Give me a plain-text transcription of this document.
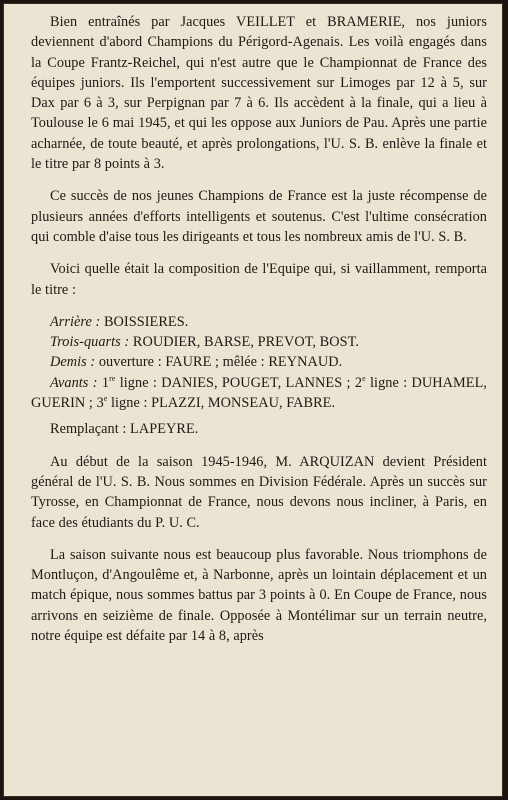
Bien entraînés par Jacques VEILLET et BRAMERIE, nos juniors deviennent d'abord Champions du Périgord-Agenais. Les voilà engagés dans la Coupe Frantz-Reichel, qui n'est autre que le Championnat de France des équipes juniors. Ils l'emportent successivement sur Limoges par 12 à 5, sur Dax par 6 à 3, sur Perpignan par 7 à 6. Ils accèdent à la finale, qui a lieu à Toulouse le 6 mai 1945, et qui les oppose aux Juniors de Pau. Après une partie acharnée, de toute beauté, et après prolongations, l'U. S. B. enlève la finale et le titre par 8 points à 3.

Ce succès de nos jeunes Champions de France est la juste récompense de plusieurs années d'efforts intelligents et soutenus. C'est l'ultime consécration qui comble d'aise tous les dirigeants et tous les nombreux amis de l'U. S. B.

Voici quelle était la composition de l'Equipe qui, si vaillamment, remporta le titre :

Arrière : BOISSIERES.

Trois-quarts : ROUDIER, BARSE, PREVOT, BOST.

Demis : ouverture : FAURE ; mêlée : REYNAUD.

Avants : 1re ligne : DANIES, POUGET, LANNES ; 2e ligne : DUHAMEL, GUERIN ; 3e ligne : PLAZZI, MONSEAU, FABRE.

Remplaçant : LAPEYRE.

Au début de la saison 1945-1946, M. ARQUIZAN devient Président général de l'U. S. B. Nous sommes en Division Fédérale. Après un succès sur Tyrosse, en Championnat de France, nous devons nous incliner, à Paris, en face des étudiants du P. U. C.

La saison suivante nous est beaucoup plus favorable. Nous triomphons de Montluçon, d'Angoulême et, à Narbonne, après un lointain déplacement et un match épique, nous sommes battus par 3 points à 0. En Coupe de France, nous arrivons en seizième de finale. Opposée à Montélimar sur un terrain neutre, notre équipe est défaite par 14 à 8, après
